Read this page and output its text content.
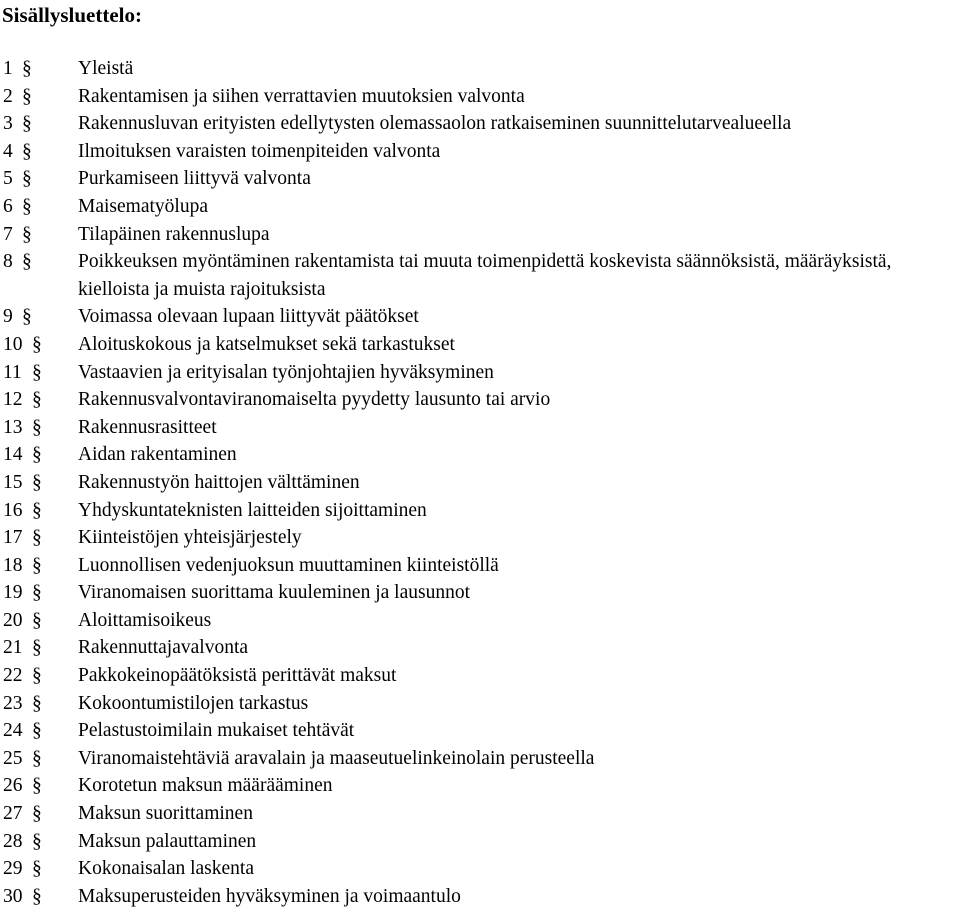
Sisällysluettelo:
1 § Yleistä
2 § Rakentamisen ja siihen verrattavien muutoksien valvonta
3 § Rakennusluvan erityisten edellytysten olemassaolon ratkaiseminen suunnittelutarvealueella
4 § Ilmoituksen varaisten toimenpiteiden valvonta
5 § Purkamiseen liittyvä valvonta
6 § Maisematyölupa
7 § Tilapäinen rakennuslupa
8 § Poikkeuksen myöntäminen rakentamista tai muuta toimenpidettä koskevista säännöksistä, määräyksistä, kielloista ja muista rajoituksista
9 § Voimassa olevaan lupaan liittyvät päätökset
10 § Aloituskokous ja katselmukset sekä tarkastukset
11 § Vastaavien ja erityisalan työnjohtajien hyväksyminen
12 § Rakennusvalvontaviranomaiselta pyydetty lausunto tai arvio
13 § Rakennusrasitteet
14 § Aidan rakentaminen
15 § Rakennustyön haittojen välttäminen
16 § Yhdyskuntateknisten laitteiden sijoittaminen
17 § Kiinteistöjen yhteisjärjestely
18 § Luonnollisen vedenjuoksun muuttaminen kiinteistöllä
19 § Viranomaisen suorittama kuuleminen ja lausunnot
20 § Aloittamisoikeus
21 § Rakennuttajavalvonta
22 § Pakkokeinopäätöksistä perittävät maksut
23 § Kokoontumistilojen tarkastus
24 § Pelastustoimilain mukaiset tehtävät
25 § Viranomaistehtäviä aravalain ja maaseutuelinkeinolain perusteella
26 § Korotetun maksun määrääminen
27 § Maksun suorittaminen
28 § Maksun palauttaminen
29 § Kokonaisalan laskenta
30 § Maksuperusteiden hyväksyminen ja voimaantulo
